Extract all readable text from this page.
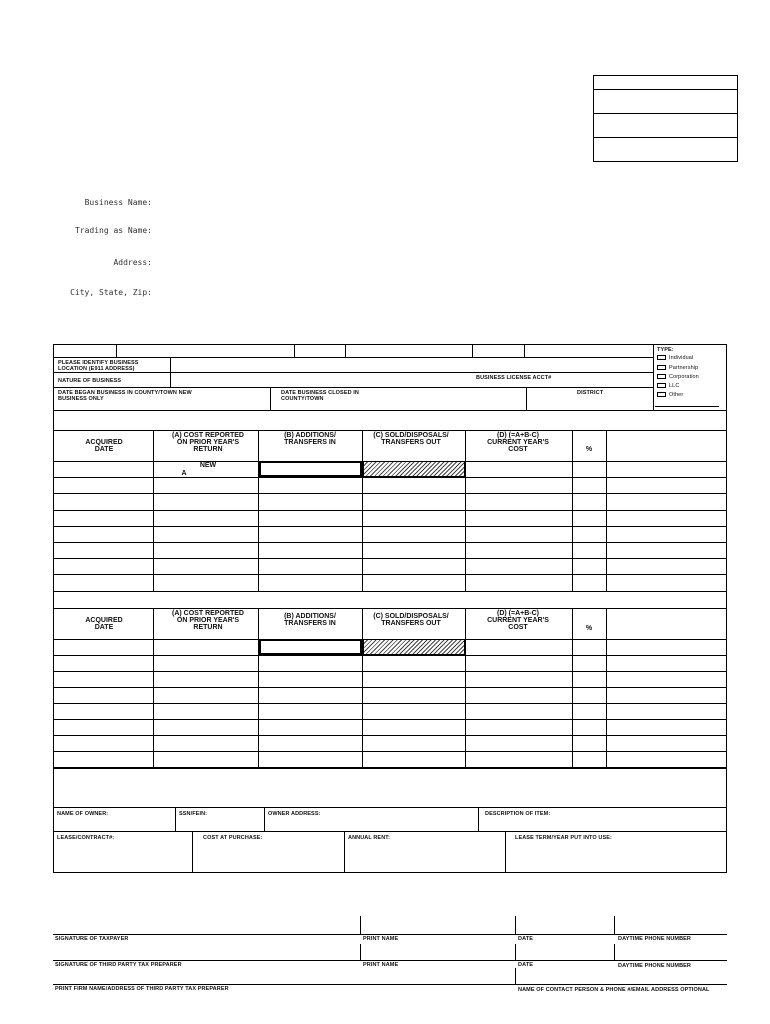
Business Name:
Trading as Name:
Address:
City, State, Zip:
PLEASE IDENTIFY BUSINESS LOCATION (E911 ADDRESS)
NATURE OF BUSINESS	BUSINESS LICENSE ACCT#
DATE BEGAN BUSINESS IN COUNTY/TOWN NEW BUSINESS ONLY
DATE BUSINESS CLOSED IN COUNTY/TOWN
DISTRICT
TYPE:
Individual
Partnership
Corporation
LLC
Other
ACQUIRED DATE
(A) COST REPORTED ON PRIOR YEAR'S RETURN
(B) ADDITIONS/ TRANSFERS IN
(C) SOLD/DISPOSALS/ TRANSFERS OUT
(D) (=A+B-C) CURRENT YEAR'S COST	%
NEW
A
ACQUIRED DATE
(A) COST REPORTED ON PRIOR YEAR'S RETURN
(B) ADDITIONS/ TRANSFERS IN
(C) SOLD/DISPOSALS/ TRANSFERS OUT
(D) (=A+B-C) CURRENT YEAR'S COST	%
NAME OF OWNER:	SSN/FEIN:	OWNER ADDRESS:	DESCRIPTION OF ITEM:
LEASE/CONTRACT#:	COST AT PURCHASE:	ANNUAL RENT:	LEASE TERM/YEAR PUT INTO USE:
SIGNATURE OF TAXPAYER	PRINT NAME	DATE	DAYTIME PHONE NUMBER
SIGNATURE OF THIRD PARTY TAX PREPARER	PRINT NAME	DATE	DAYTIME PHONE NUMBER
PRINT FIRM NAME/ADDRESS OF THIRD PARTY TAX PREPARER	NAME OF CONTACT PERSON & PHONE #/EMAIL ADDRESS OPTIONAL
